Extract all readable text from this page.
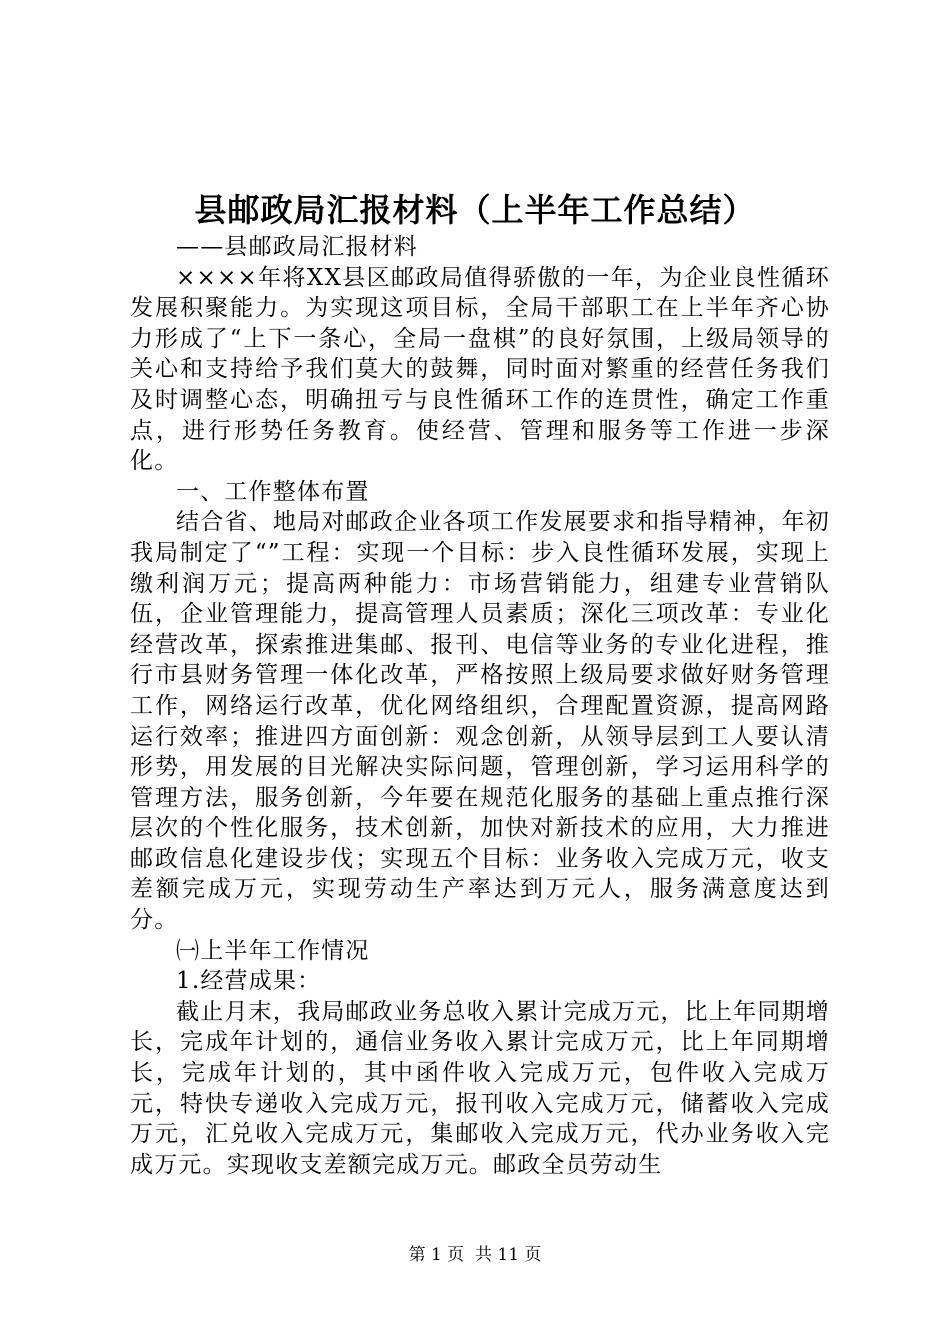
县邮政局汇报材料（上半年工作总结）

——县邮政局汇报材料

××××年将XX县区邮政局值得骄傲的一年，为企业良性循环发展积聚能力。为实现这项目标，全局干部职工在上半年齐心协力形成了“上下一条心，全局一盘棋”的良好氛围，上级局领导的关心和支持给予我们莫大的鼓舞，同时面对繁重的经营任务我们及时调整心态，明确扭亏与良性循环工作的连贯性，确定工作重点，进行形势任务教育。使经营、管理和服务等工作进一步深化。

一、工作整体布置

结合省、地局对邮政企业各项工作发展要求和指导精神，年初我局制定了“”工程：实现一个目标：步入良性循环发展，实现上缴利润万元；提高两种能力：市场营销能力，组建专业营销队伍，企业管理能力，提高管理人员素质；深化三项改革：专业化经营改革，探索推进集邮、报刊、电信等业务的专业化进程，推行市县财务管理一体化改革，严格按照上级局要求做好财务管理工作，网络运行改革，优化网络组织，合理配置资源，提高网路运行效率；推进四方面创新：观念创新，从领导层到工人要认清形势，用发展的目光解决实际问题，管理创新，学习运用科学的管理方法，服务创新，今年要在规范化服务的基础上重点推行深层次的个性化服务，技术创新，加快对新技术的应用，大力推进邮政信息化建设步伐；实现五个目标：业务收入完成万元，收支差额完成万元，实现劳动生产率达到万元人，服务满意度达到分。

㈠上半年工作情况

1.经营成果：

截止月末，我局邮政业务总收入累计完成万元，比上年同期增长，完成年计划的，通信业务收入累计完成万元，比上年同期增长，完成年计划的，其中函件收入完成万元，包件收入完成万元，特快专递收入完成万元，报刊收入完成万元，储蓄收入完成万元，汇兑收入完成万元，集邮收入完成万元，代办业务收入完成万元。实现收支差额完成万元。邮政全员劳动生

第 1 页  共 11 页
